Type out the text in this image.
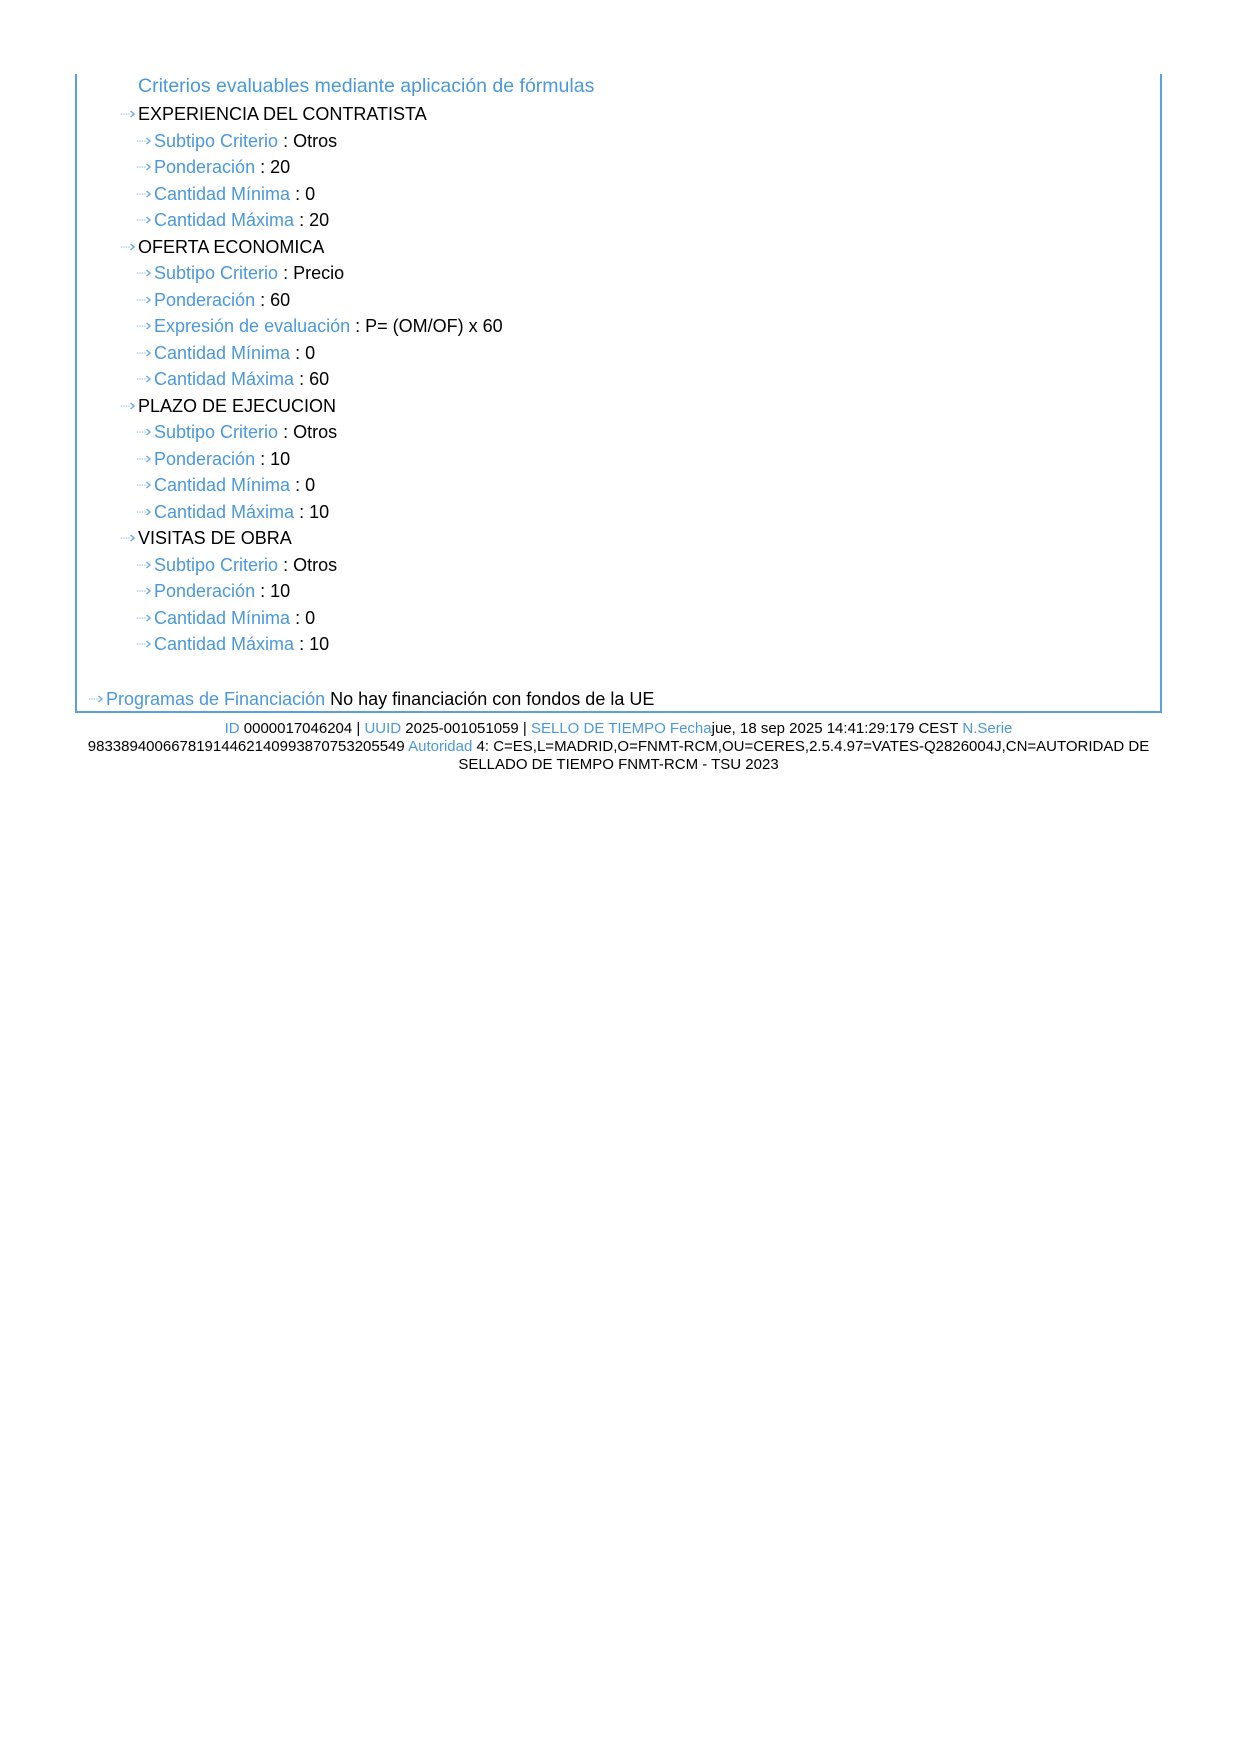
Criterios evaluables mediante aplicación de fórmulas
EXPERIENCIA DEL CONTRATISTA
Subtipo Criterio : Otros
Ponderación : 20
Cantidad Mínima : 0
Cantidad Máxima : 20
OFERTA ECONOMICA
Subtipo Criterio : Precio
Ponderación : 60
Expresión de evaluación : P= (OM/OF) x 60
Cantidad Mínima : 0
Cantidad Máxima : 60
PLAZO DE EJECUCION
Subtipo Criterio : Otros
Ponderación : 10
Cantidad Mínima : 0
Cantidad Máxima : 10
VISITAS DE OBRA
Subtipo Criterio : Otros
Ponderación : 10
Cantidad Mínima : 0
Cantidad Máxima : 10
Programas de Financiación No hay financiación con fondos de la UE
ID 0000017046204 | UUID 2025-001051059 | SELLO DE TIEMPO Fechajue, 18 sep 2025 14:41:29:179 CEST N.Serie 983389400667819144621409938707532055​49 Autoridad 4: C=ES,L=MADRID,O=FNMT-RCM,OU=CERES,2.5.4.97=VATES-Q2826004J,CN=AUTORIDAD DE SELLADO DE TIEMPO FNMT-RCM - TSU 2023
